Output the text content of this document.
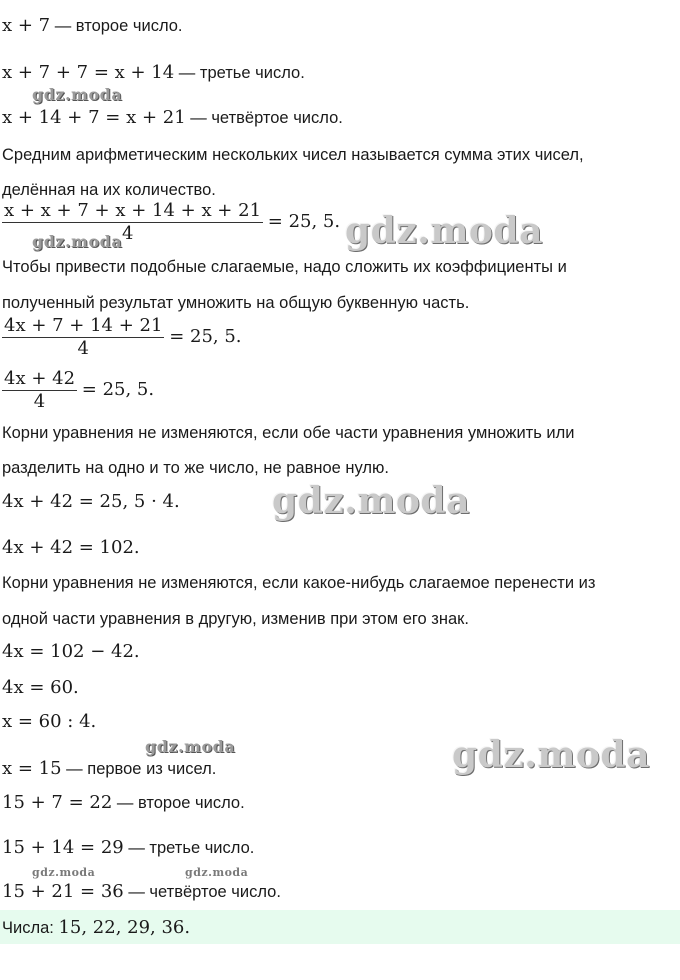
x + 7 — второе число.
x + 7 + 7 = x + 14 — третье число.
gdz.moda
x + 14 + 7 = x + 21 — четвёртое число.
Средним арифметическим нескольких чисел называется сумма этих чисел,
делённая на их количество.
$\frac{x + x + 7 + x + 14 + x + 21}{4} = 25$, 5.
gdz.moda	gdz.moda
Чтобы привести подобные слагаемые, надо сложить их коэффициенты и
полученный результат умножить на общую буквенную часть.
$\frac{4x + 7 + 14 + 21}{4} = 25$, 5.
$\frac{4x + 42}{4} = 25$, 5.
Корни уравнения не изменяются, если обе части уравнения умножить или
разделить на одно и то же число, не равное нулю.
4x + 42 = 25, 5 · 4.	gdz.moda
4x + 42 = 102.
Корни уравнения не изменяются, если какое-нибудь слагаемое перенести из
одной части уравнения в другую, изменив при этом его знак.
4x = 102 − 42.
4x = 60.
x = 60 : 4.
gdz.moda	gdz.moda
x = 15 — первое из чисел.
15 + 7 = 22 — второе число.
15 + 14 = 29 — третье число.
gdz.moda	gdz.moda
15 + 21 = 36 — четвёртое число.
Числа: 15, 22, 29, 36.
